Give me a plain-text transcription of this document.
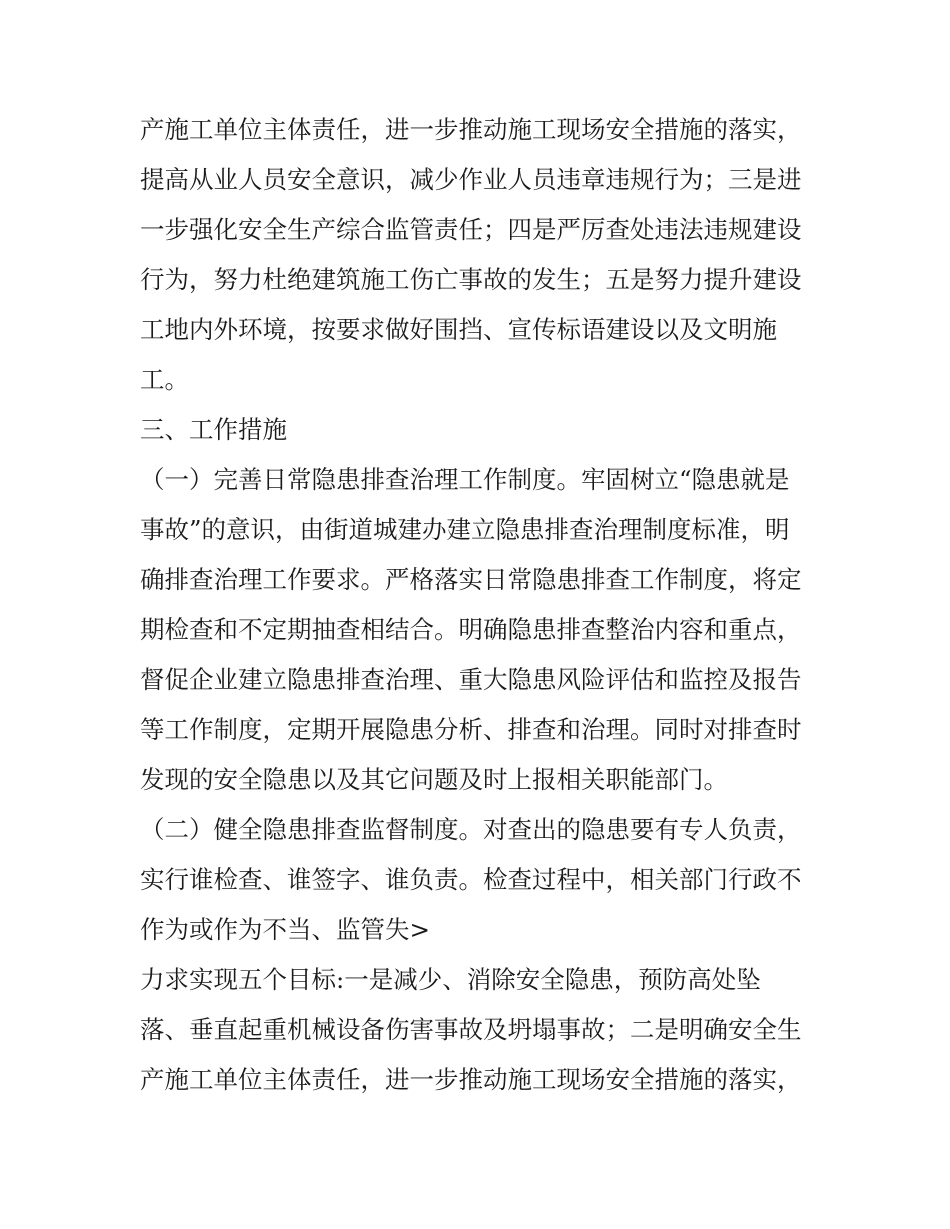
产施工单位主体责任，进一步推动施工现场安全措施的落实，
提高从业人员安全意识，减少作业人员违章违规行为；三是进
一步强化安全生产综合监管责任；四是严厉查处违法违规建设
行为，努力杜绝建筑施工伤亡事故的发生；五是努力提升建设
工地内外环境，按要求做好围挡、宣传标语建设以及文明施
工。
三、工作措施
（一）完善日常隐患排查治理工作制度。牢固树立“隐患就是
事故”的意识，由街道城建办建立隐患排查治理制度标准，明
确排查治理工作要求。严格落实日常隐患排查工作制度，将定
期检查和不定期抽查相结合。明确隐患排查整治内容和重点，
督促企业建立隐患排查治理、重大隐患风险评估和监控及报告
等工作制度，定期开展隐患分析、排查和治理。同时对排查时
发现的安全隐患以及其它问题及时上报相关职能部门。
（二）健全隐患排查监督制度。对查出的隐患要有专人负责，
实行谁检查、谁签字、谁负责。检查过程中，相关部门行政不
作为或作为不当、监管失>
力求实现五个目标:一是减少、消除安全隐患，预防高处坠
落、垂直起重机械设备伤害事故及坍塌事故；二是明确安全生
产施工单位主体责任，进一步推动施工现场安全措施的落实，
